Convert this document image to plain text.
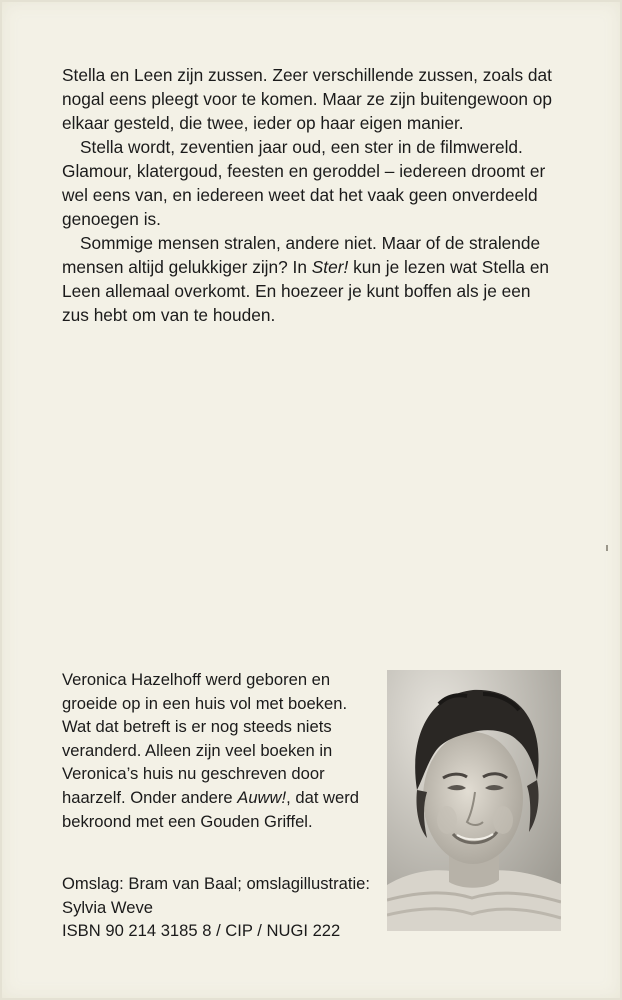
Stella en Leen zijn zussen. Zeer verschillende zussen, zoals dat nogal eens pleegt voor te komen. Maar ze zijn buitengewoon op elkaar gesteld, die twee, ieder op haar eigen manier.

Stella wordt, zeventien jaar oud, een ster in de filmwereld. Glamour, klatergoud, feesten en geroddel – iedereen droomt er wel eens van, en iedereen weet dat het vaak geen onverdeeld genoegen is.

Sommige mensen stralen, andere niet. Maar of de stralende mensen altijd gelukkiger zijn? In Ster! kun je lezen wat Stella en Leen allemaal overkomt. En hoezeer je kunt boffen als je een zus hebt om van te houden.

Veronica Hazelhoff werd geboren en groeide op in een huis vol met boeken. Wat dat betreft is er nog steeds niets veranderd. Alleen zijn veel boeken in Veronica’s huis nu geschreven door haarzelf. Onder andere Auww!, dat werd bekroond met een Gouden Griffel.

Omslag: Bram van Baal; omslagillustratie: Sylvia Weve

ISBN 90 214 3185 8 / CIP / NUGI 222
